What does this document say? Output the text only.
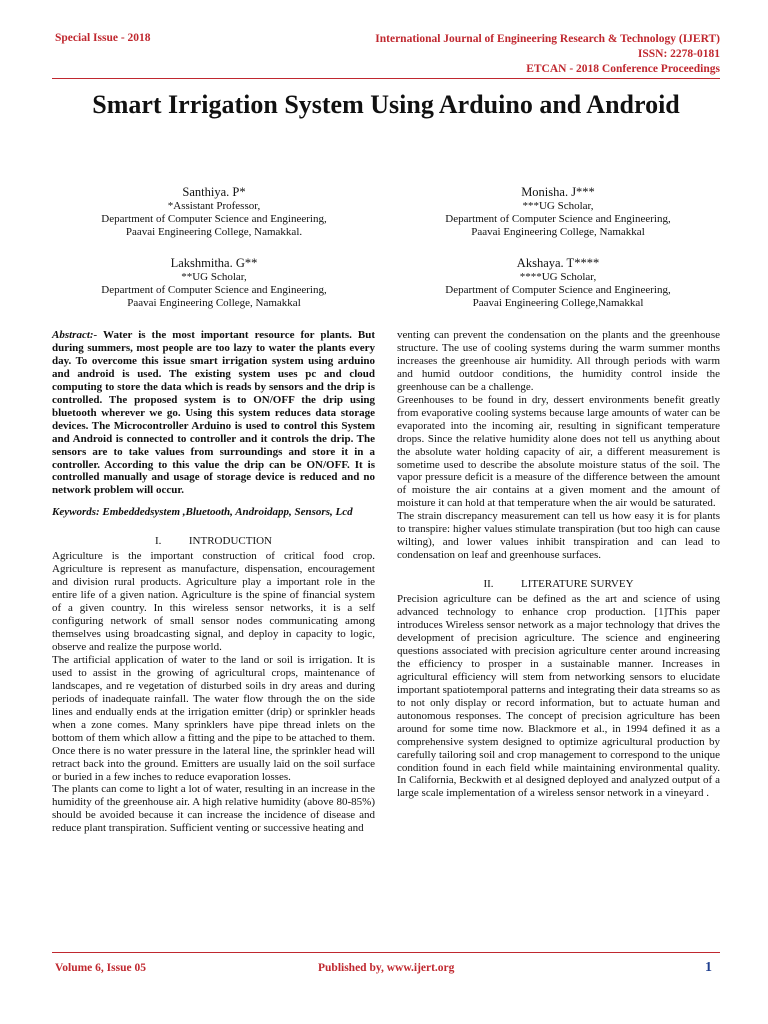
Special Issue - 2018	International Journal of Engineering Research & Technology (IJERT)
ISSN: 2278-0181
ETCAN - 2018 Conference Proceedings
Smart Irrigation System Using Arduino and Android
Santhiya. P*
*Assistant Professor,
Department of Computer Science and Engineering,
Paavai Engineering College, Namakkal.
Monisha. J***
***UG Scholar,
Department of Computer Science and Engineering,
Paavai Engineering College, Namakkal
Lakshmitha. G**
**UG Scholar,
Department of Computer Science and Engineering,
Paavai Engineering College, Namakkal
Akshaya. T****
****UG Scholar,
Department of Computer Science and Engineering,
Paavai Engineering College,Namakkal

Abstract:- Water is the most important resource for plants. But during summers, most people are too lazy to water the plants every day. To overcome this issue smart irrigation system using arduino and android is used. The existing system uses pc and cloud computing to store the data which is reads by sensors and the drip is controlled. The proposed system is to ON/OFF the drip using bluetooth wherever we go. Using this system reduces data storage devices. The Microcontroller Arduino is used to control this System and Android is connected to controller and it controls the drip. The sensors are to take values from surroundings and store it in a controller. According to this value the drip can be ON/OFF. It is controlled manually and usage of storage device is reduced and no network problem will occur.

Keywords: Embeddedsystem ,Bluetooth, Androidapp, Sensors, Lcd

I.          INTRODUCTION

Agriculture is the important construction of critical food crop. Agriculture is represent as manufacture, dispensation, encouragement and division rural products. Agriculture play a important role in the entire life of a given nation. Agriculture is the spine of financial system of a given country. In this wireless sensor networks, it is a self configuring network of small sensor nodes communicating among themselves using broadcasting signal, and deploy in capacity to logic, observe and realize the purpose world.

The artificial application of water to the land or soil is irrigation. It is used to assist in the growing of agricultural crops, maintenance of landscapes, and re vegetation of disturbed soils in dry areas and during periods of inadequate rainfall. The water flow through the on the side lines and endually ends at the irrigation emitter (drip) or sprinkler heads when a zone comes. Many sprinklers have pipe thread inlets on the bottom of them which allow a fitting and the pipe to be attached to them. Once there is no water pressure in the lateral line, the sprinkler head will retract back into the ground. Emitters are usually laid on the soil surface or buried in a few inches to reduce evaporation losses.

The plants can come to light a lot of water, resulting in an increase in the humidity of the greenhouse air. A high relative humidity (above 80-85%) should be avoided because it can increase the incidence of disease and reduce plant transpiration. Sufficient venting or successive heating and

venting can prevent the condensation on the plants and the greenhouse structure. The use of cooling systems during the warm summer months increases the greenhouse air humidity. All through periods with warm and humid outdoor conditions, the humidity control inside the greenhouse can be a challenge.

Greenhouses to be found in dry, dessert environments benefit greatly from evaporative cooling systems because large amounts of water can be evaporated into the incoming air, resulting in significant temperature drops. Since the relative humidity alone does not tell us anything about the absolute water holding capacity of air, a different measurement is sometime used to describe the absolute moisture status of the soil. The vapor pressure deficit is a measure of the difference between the amount of moisture the air contains at a given moment and the amount of moisture it can hold at that temperature when the air would be saturated.

The strain discrepancy measurement can tell us how easy it is for plants to transpire: higher values stimulate transpiration (but too high can cause wilting), and lower values inhibit transpiration and can lead to condensation on leaf and greenhouse surfaces.

II.          LITERATURE SURVEY

Precision agriculture can be defined as the art and science of using advanced technology to enhance crop production. [1]This paper introduces Wireless sensor network as a major technology that drives the development of precision agriculture. The science and engineering questions associated with precision agriculture center around increasing the efficiency to prosper in a sustainable manner. Increases in agricultural efficiency will stem from networking sensors to elucidate important spatiotemporal patterns and integrating their data streams so as to not only display or record information, but to actuate human and autonomous responses. The concept of precision agriculture has been around for some time now. Blackmore et al., in 1994 defined it as a comprehensive system designed to optimize agricultural production by carefully tailoring soil and crop management to correspond to the unique condition found in each field while maintaining environmental quality. In California, Beckwith et al designed deployed and analyzed output of a large scale implementation of a wireless sensor network in a vineyard .

Volume 6, Issue 05	Published by, www.ijert.org	1
